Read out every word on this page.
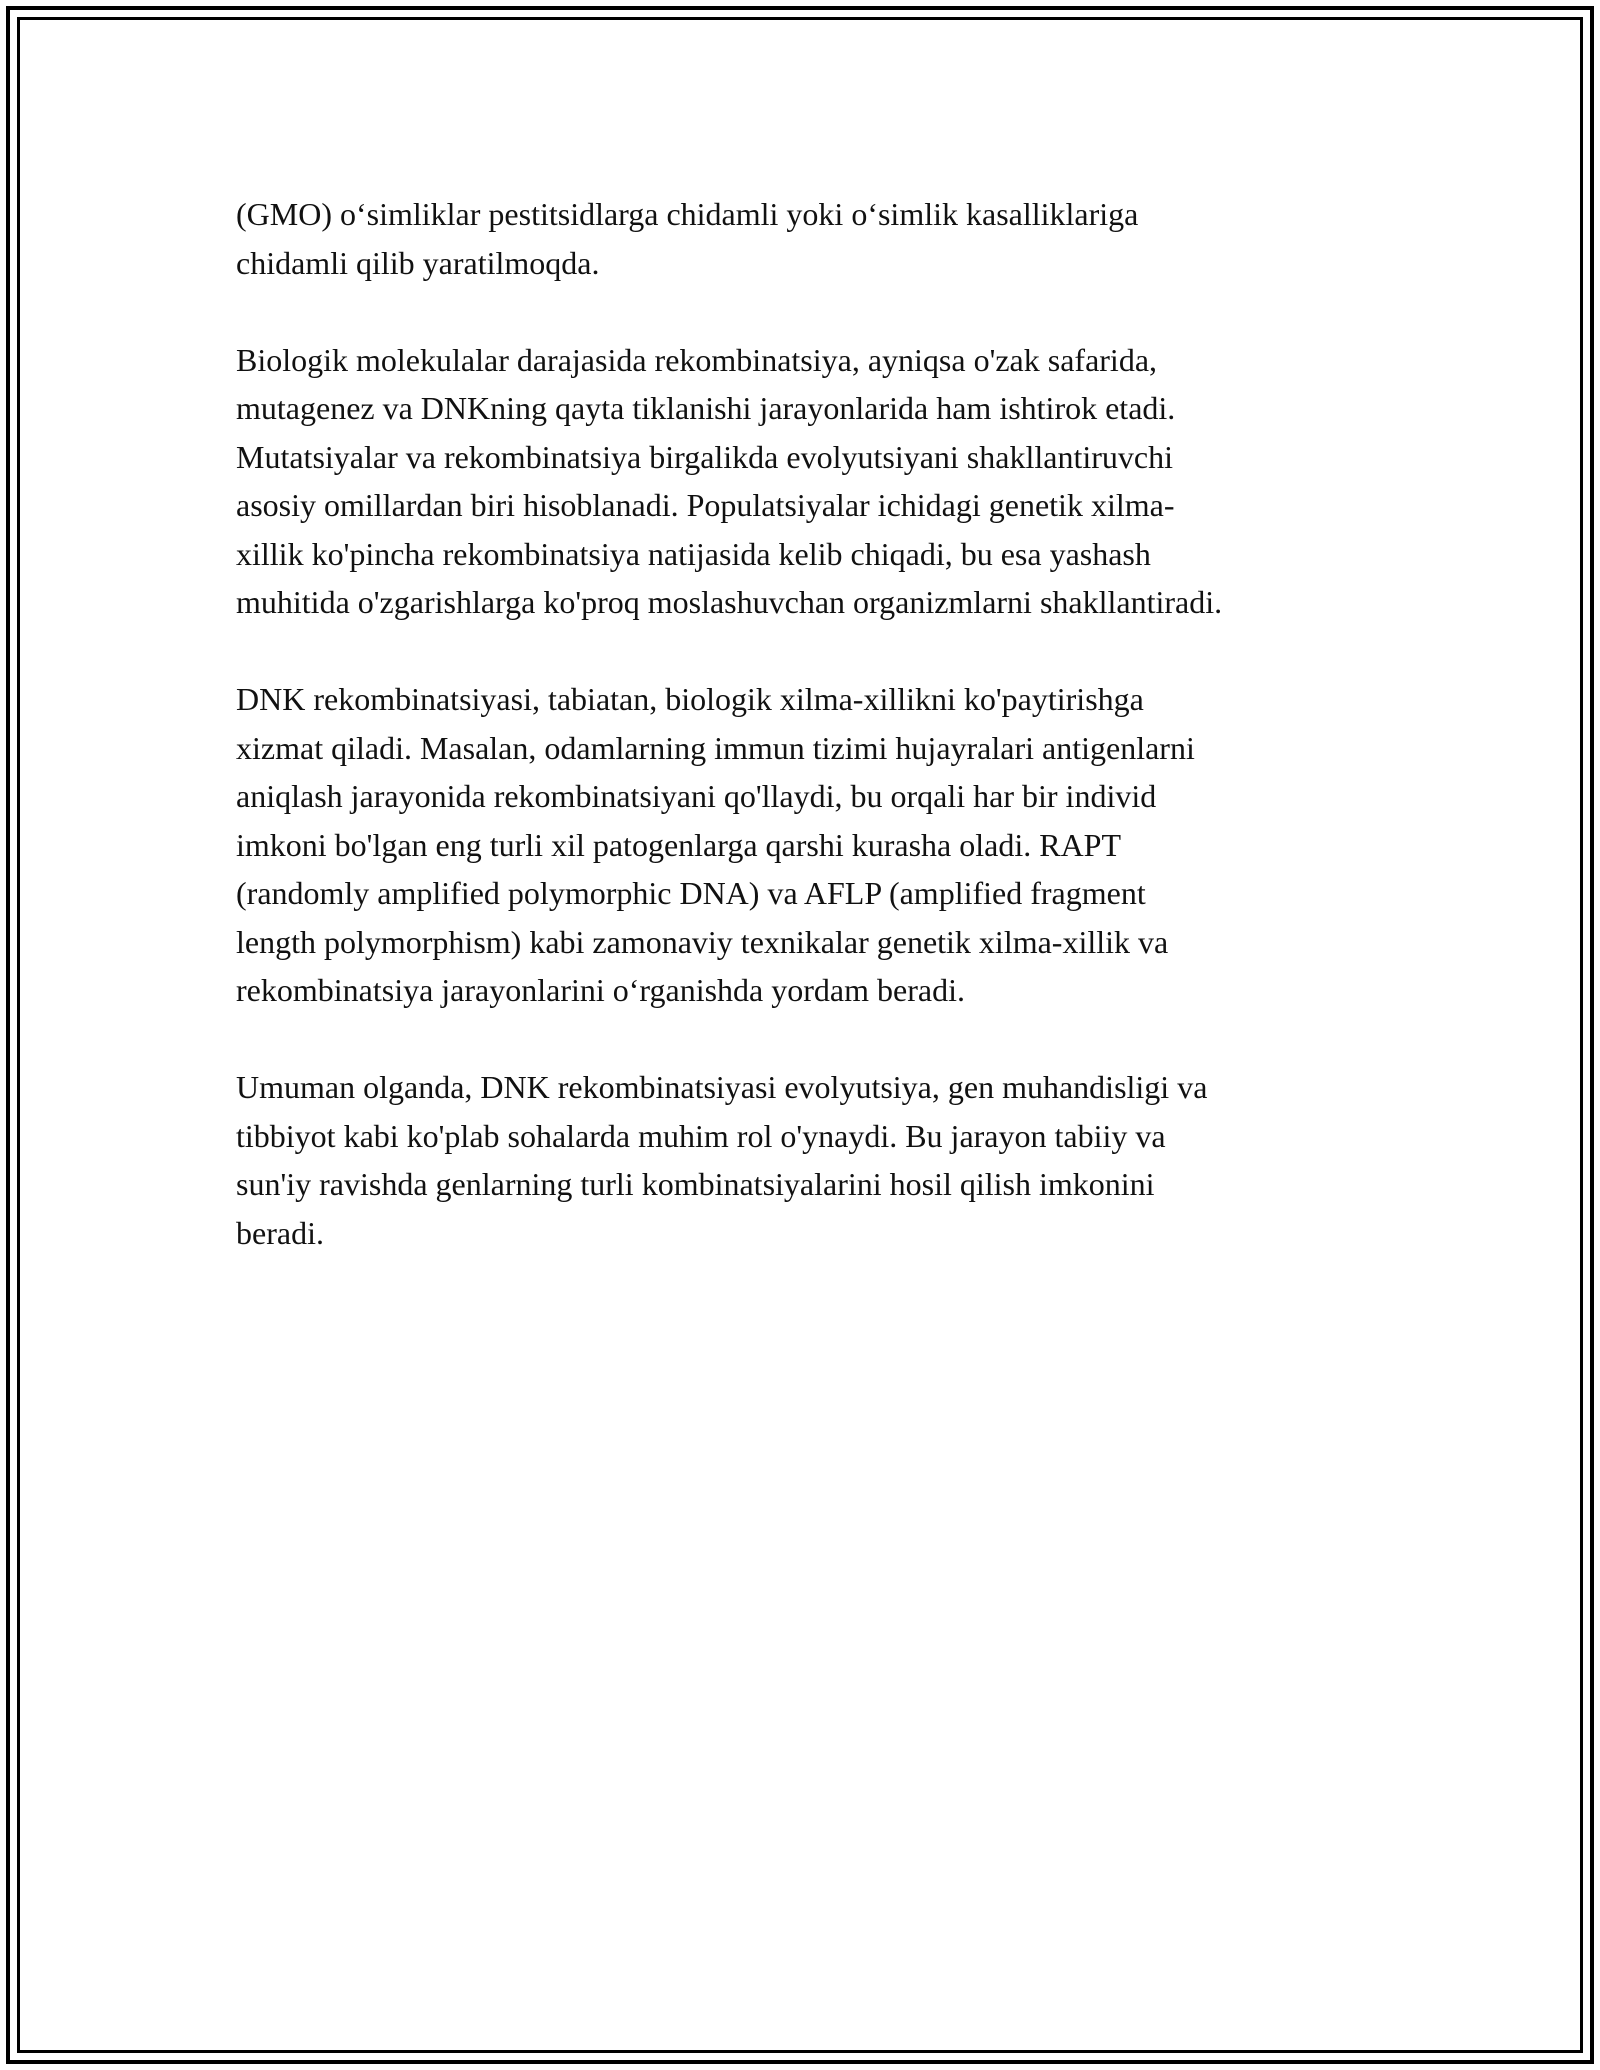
(GMO) o‘simliklar pestitsidlarga chidamli yoki o‘simlik kasalliklariga
chidamli qilib yaratilmoqda.

Biologik molekulalar darajasida rekombinatsiya, ayniqsa o'zak safarida,
mutagenez va DNKning qayta tiklanishi jarayonlarida ham ishtirok etadi.
Mutatsiyalar va rekombinatsiya birgalikda evolyutsiyani shakllantiruvchi
asosiy omillardan biri hisoblanadi. Populatsiyalar ichidagi genetik xilma-
xillik ko'pincha rekombinatsiya natijasida kelib chiqadi, bu esa yashash
muhitida o'zgarishlarga ko'proq moslashuvchan organizmlarni shakllantiradi.

DNK rekombinatsiyasi, tabiatan, biologik xilma-xillikni ko'paytirishga
xizmat qiladi. Masalan, odamlarning immun tizimi hujayralari antigenlarni
aniqlash jarayonida rekombinatsiyani qo'llaydi, bu orqali har bir individ
imkoni bo'lgan eng turli xil patogenlarga qarshi kurasha oladi. RAPT
(randomly amplified polymorphic DNA) va AFLP (amplified fragment
length polymorphism) kabi zamonaviy texnikalar genetik xilma-xillik va
rekombinatsiya jarayonlarini o‘rganishda yordam beradi.

Umuman olganda, DNK rekombinatsiyasi evolyutsiya, gen muhandisligi va
tibbiyot kabi ko'plab sohalarda muhim rol o'ynaydi. Bu jarayon tabiiy va
sun'iy ravishda genlarning turli kombinatsiyalarini hosil qilish imkonini
beradi.
